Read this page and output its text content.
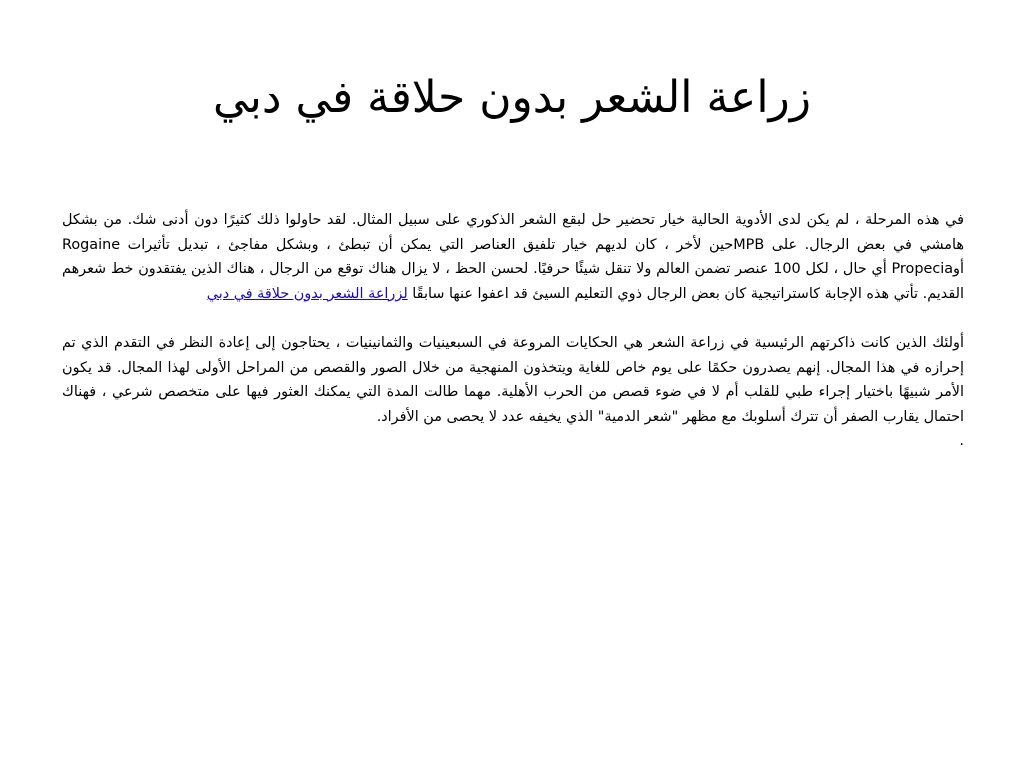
زراعة الشعر بدون حلاقة في دبي

في هذه المرحلة ، لم يكن لدى الأدوية الحالية خيار تحضير حل لبقع الشعر الذكوري على سبيل المثال. لقد حاولوا ذلك كثيرًا دون أدنى شك. من بشكل هامشي في بعض الرجال. على MPBحين لأخر ، كان لديهم خيار تلفيق العناصر التي يمكن أن تبطئ ، وبشكل مفاجئ ، تبديل تأثيرات Rogaine أوPropecia أي حال ، لكل 100 عنصر تضمن العالم ولا تنقل شيئًا حرفيًا. لحسن الحظ ، لا يزال هناك توقع من الرجال ، هناك الذين يفتقدون خط شعرهم القديم. تأتي هذه الإجابة كاستراتيجية كان بعض الرجال ذوي التعليم السيئ قد اعفوا عنها سابقًا لزراعة الشعر بدون حلاقة في دبي

أولئك الذين كانت ذاكرتهم الرئيسية في زراعة الشعر هي الحكايات المروعة في السبعينيات والثمانينيات ، يحتاجون إلى إعادة النظر في التقدم الذي تم إحرازه في هذا المجال. إنهم يصدرون حكمًا على يوم خاص للغاية ويتخذون المنهجية من خلال الصور والقصص من المراحل الأولى لهذا المجال. قد يكون الأمر شبيهًا باختيار إجراء طبي للقلب أم لا في ضوء قصص من الحرب الأهلية. مهما طالت المدة التي يمكنك العثور فيها على متخصص شرعي ، فهناك احتمال يقارب الصفر أن تترك أسلوبك مع مظهر "شعر الدمية" الذي يخيفه عدد لا يحصى من الأفراد.

.
